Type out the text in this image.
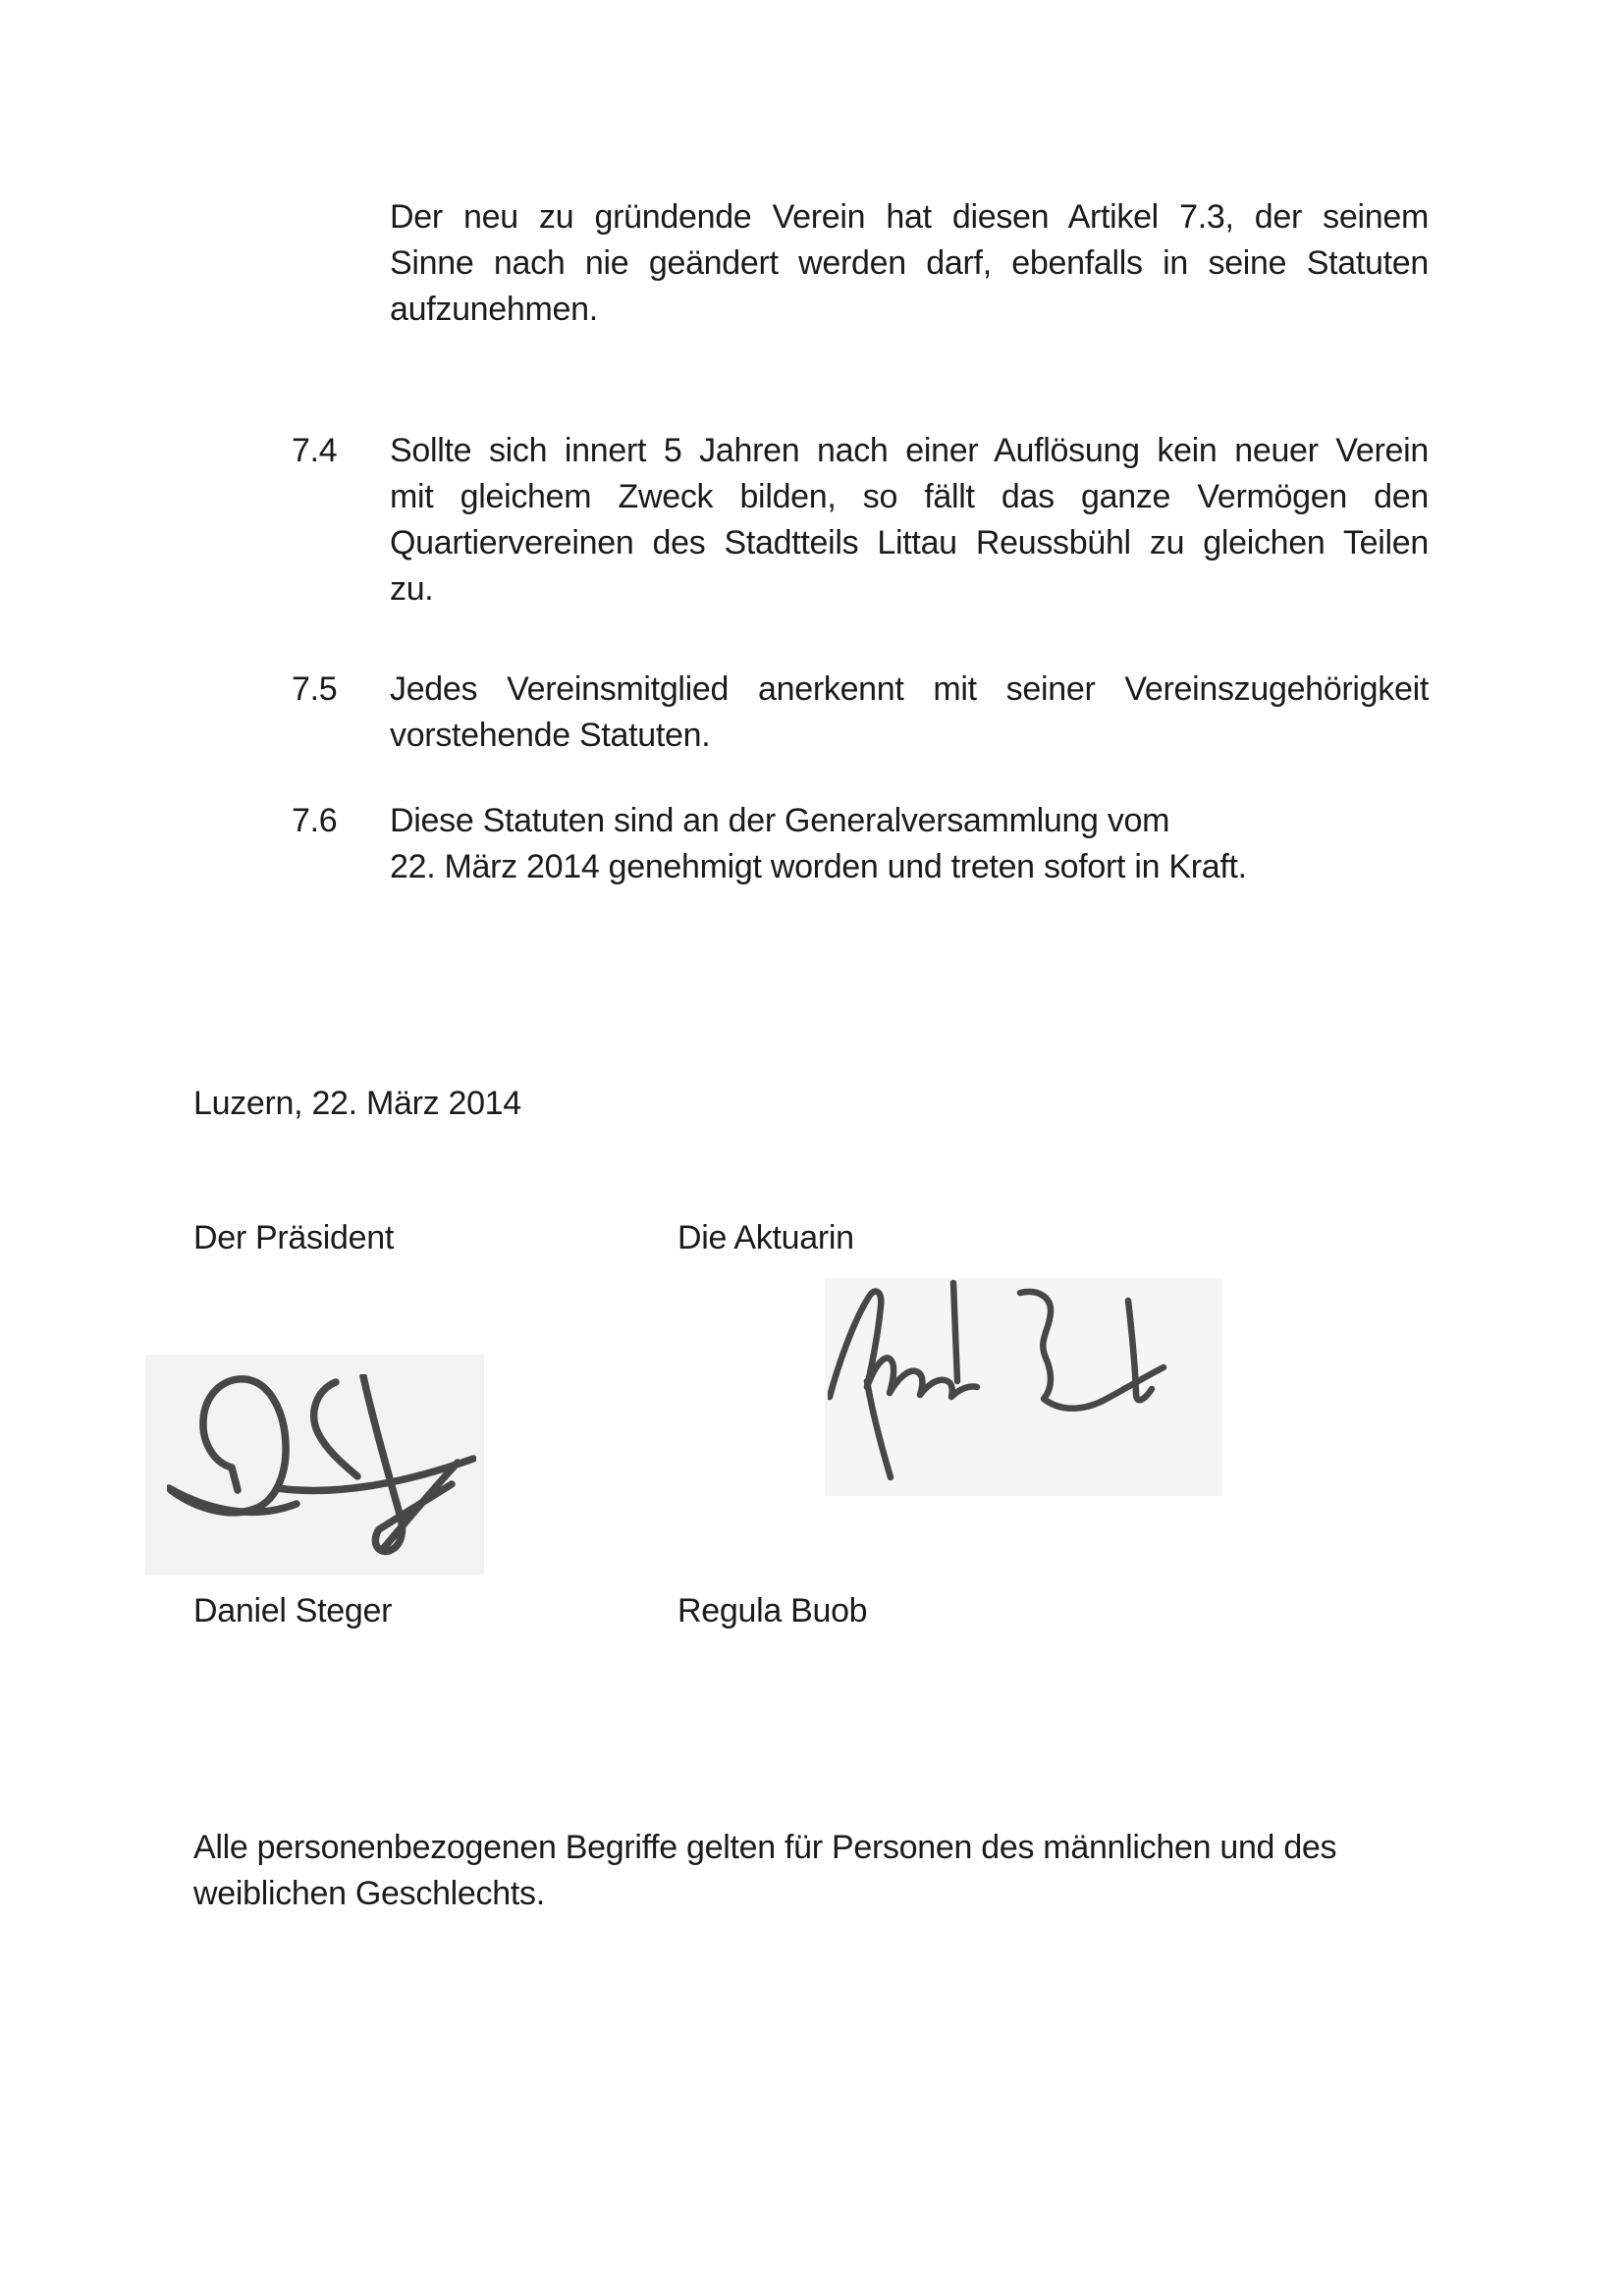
Der neu zu gründende Verein hat diesen Artikel 7.3, der seinem
Sinne nach nie geändert werden darf, ebenfalls in seine Statuten
aufzunehmen.
7.4	Sollte sich innert 5 Jahren nach einer Auflösung kein neuer Verein
mit gleichem Zweck bilden, so fällt das ganze Vermögen den
Quartiervereinen des Stadtteils Littau Reussbühl zu gleichen Teilen
zu.
7.5	Jedes Vereinsmitglied anerkennt mit seiner Vereinszugehörigkeit
vorstehende Statuten.
7.6	Diese Statuten sind an der Generalversammlung vom
22. März 2014 genehmigt worden und treten sofort in Kraft.
Luzern, 22. März 2014
Der Präsident	Die Aktuarin
Daniel Steger	Regula Buob
Alle personenbezogenen Begriffe gelten für Personen des männlichen und des
weiblichen Geschlechts.
